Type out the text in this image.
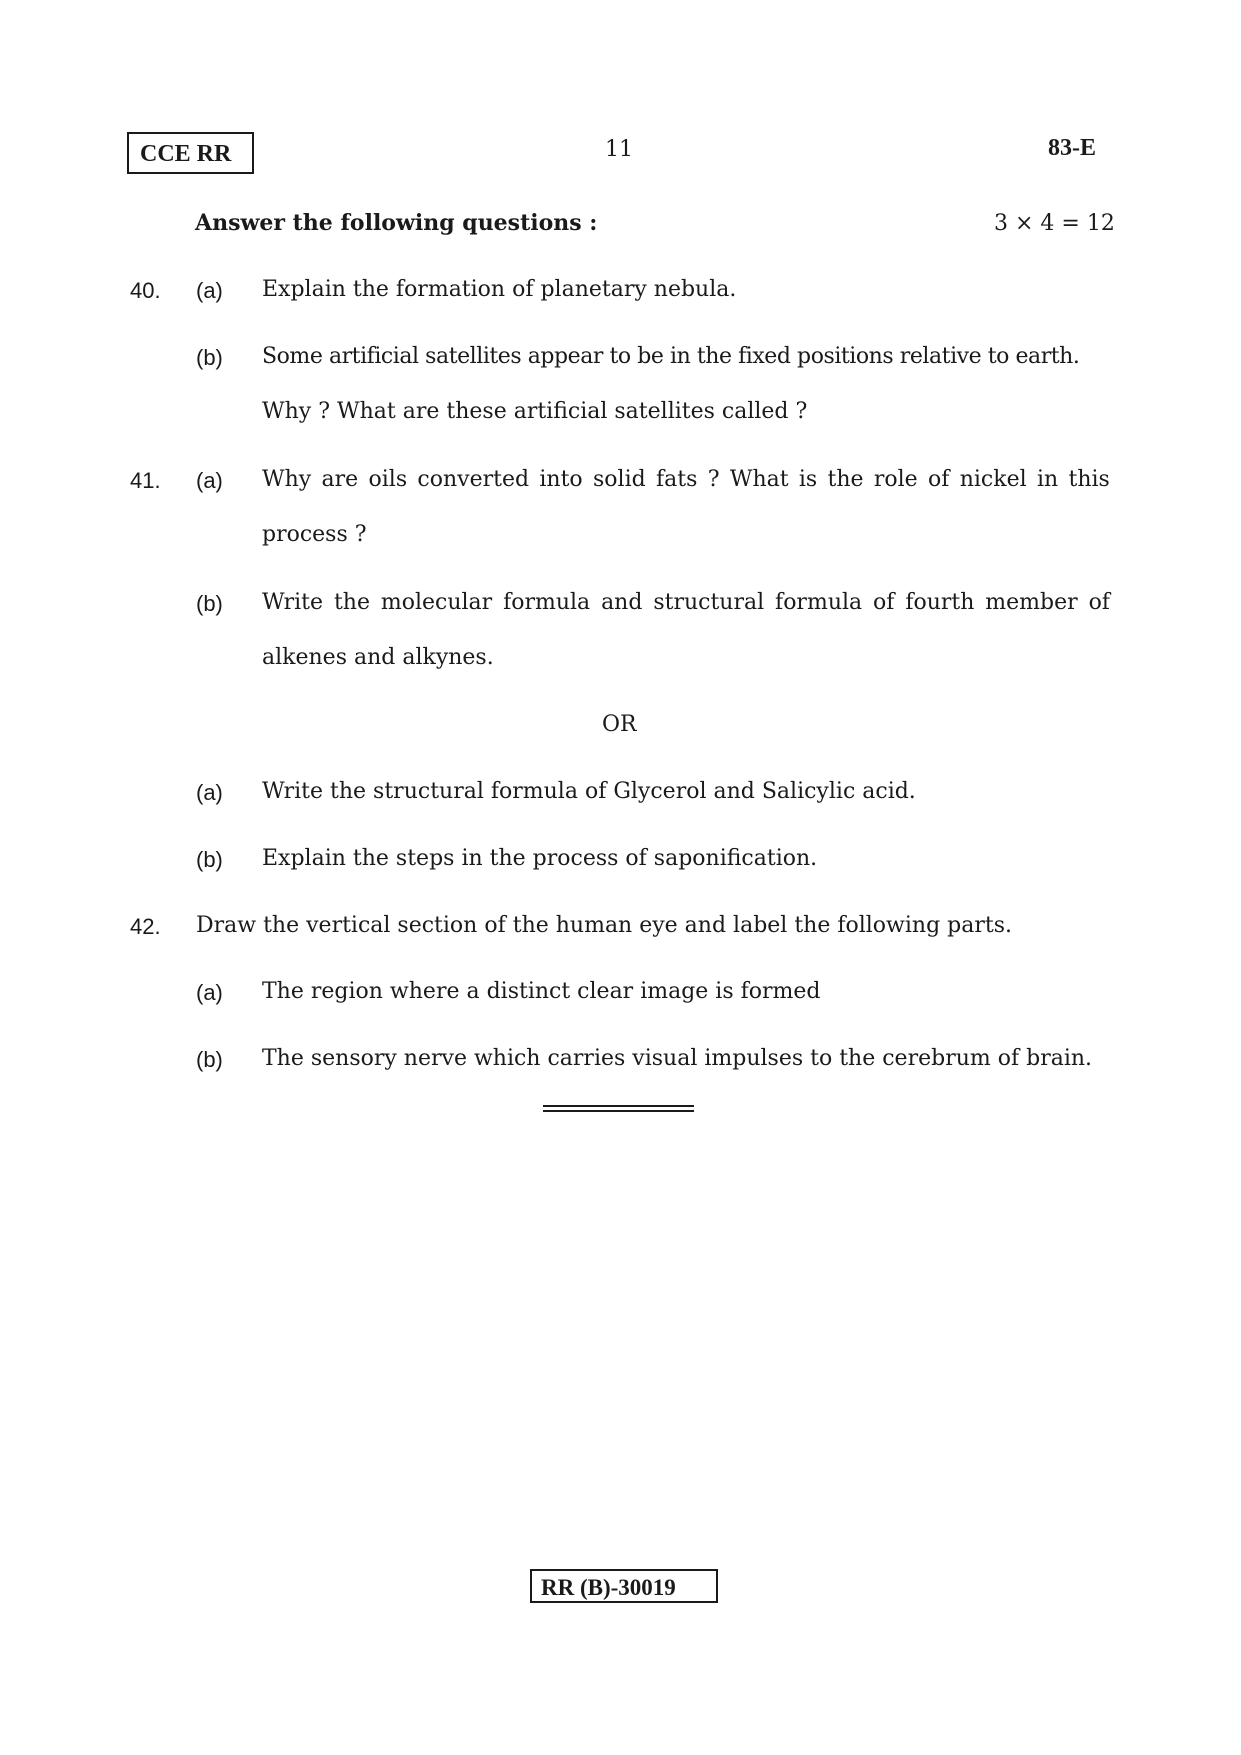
CCE RR	11	83-E
Answer the following questions :	3 × 4 = 12
40. (a) Explain the formation of planetary nebula.
(b) Some artificial satellites appear to be in the fixed positions relative to earth.
Why ? What are these artificial satellites called ?
41. (a) Why are oils converted into solid fats ? What is the role of nickel in this
process ?
(b) Write the molecular formula and structural formula of fourth member of
alkenes and alkynes.
OR
(a) Write the structural formula of Glycerol and Salicylic acid.
(b) Explain the steps in the process of saponification.
42. Draw the vertical section of the human eye and label the following parts.
(a) The region where a distinct clear image is formed
(b) The sensory nerve which carries visual impulses to the cerebrum of brain.
RR (B)-30019
